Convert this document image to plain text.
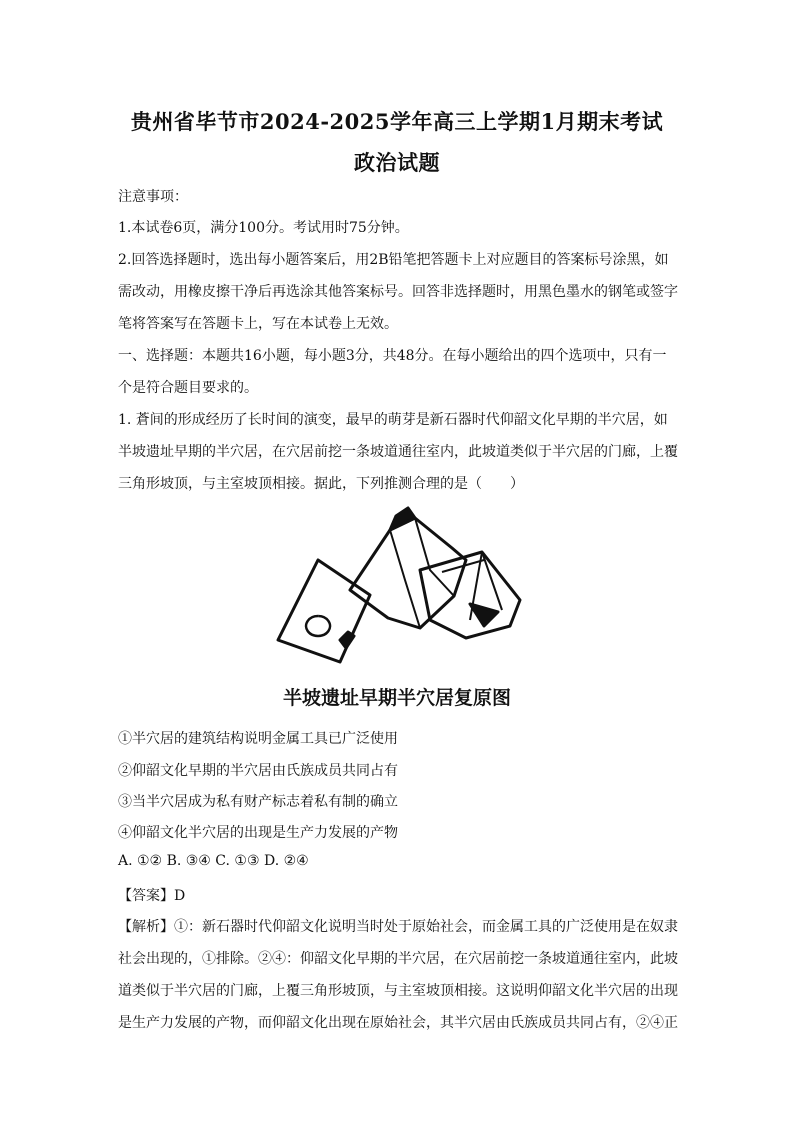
贵州省毕节市2024-2025学年高三上学期1月期末考试
政治试题
注意事项：
1.本试卷6页，满分100分。考试用时75分钟。
2.回答选择题时，选出每小题答案后，用2B铅笔把答题卡上对应题目的答案标号涂黑，如
需改动，用橡皮擦干净后再选涂其他答案标号。回答非选择题时，用黑色墨水的钢笔或签字
笔将答案写在答题卡上，写在本试卷上无效。
一、选择题：本题共16小题，每小题3分，共48分。在每小题给出的四个选项中，只有一
个是符合题目要求的。
1. 蒼间的形成经历了长时间的演变，最早的萌芽是新石器时代仰韶文化早期的半穴居，如
半坡遗址早期的半穴居，在穴居前挖一条坡道通往室内，此坡道类似于半穴居的门廊，上覆
三角形坡顶，与主室坡顶相接。据此，下列推测合理的是（　　）
半坡遗址早期半穴居复原图
①半穴居的建筑结构说明金属工具已广泛使用
②仰韶文化早期的半穴居由氏族成员共同占有
③当半穴居成为私有财产标志着私有制的确立
④仰韶文化半穴居的出现是生产力发展的产物
A. ①② B. ③④ C. ①③ D. ②④
【答案】D
【解析】①：新石器时代仰韶文化说明当时处于原始社会，而金属工具的广泛使用是在奴隶
社会出现的，①排除。②④：仰韶文化早期的半穴居，在穴居前挖一条坡道通往室内，此坡
道类似于半穴居的门廊，上覆三角形坡顶，与主室坡顶相接。这说明仰韶文化半穴居的出现
是生产力发展的产物，而仰韶文化出现在原始社会，其半穴居由氏族成员共同占有，②④正
